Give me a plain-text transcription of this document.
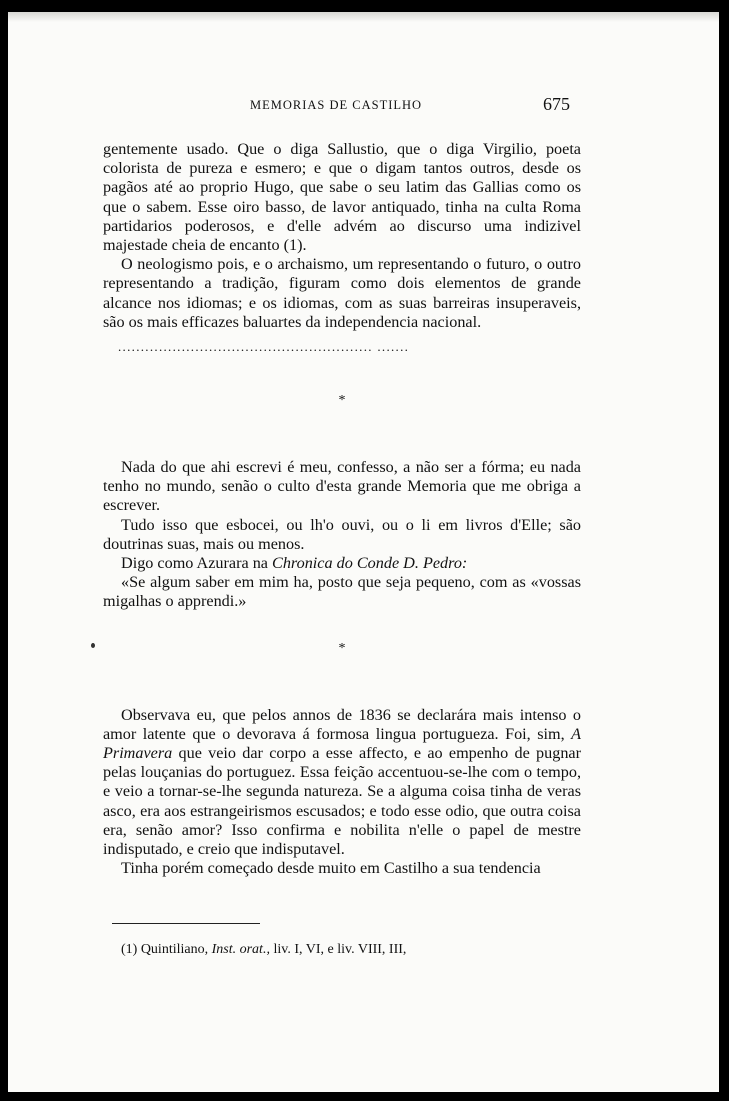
MEMORIAS DE CASTILHO	675

gentemente usado. Que o diga Sallustio, que o diga Virgilio, poeta colorista de pureza e esmero; e que o digam tantos outros, desde os pagãos até ao proprio Hugo, que sabe o seu latim das Gallias como os que o sabem. Esse oiro basso, de lavor antiquado, tinha na culta Roma partidarios poderosos, e d'elle advém ao discurso uma indizivel majestade cheia de encanto (1).

O neologismo pois, e o archaismo, um representando o futuro, o outro representando a tradição, figuram como dois elementos de grande alcance nos idiomas; e os idiomas, com as suas barreiras insuperaveis, são os mais efficazes baluartes da independencia nacional.

........................................................ .......
*

Nada do que ahi escrevi é meu, confesso, a não ser a fórma; eu nada tenho no mundo, senão o culto d'esta grande Memoria que me obriga a escrever.

Tudo isso que esbocei, ou lh'o ouvi, ou o li em livros d'Elle; são doutrinas suas, mais ou menos.

Digo como Azurara na Chronica do Conde D. Pedro:

«Se algum saber em mim ha, posto que seja pequeno, com as «vossas migalhas o apprendi.»

*

Observava eu, que pelos annos de 1836 se declarára mais intenso o amor latente que o devorava á formosa lingua portugueza. Foi, sim, A Primavera que veio dar corpo a esse affecto, e ao empenho de pugnar pelas louçanias do portuguez. Essa feição accentuou-se-lhe com o tempo, e veio a tornar-se-lhe segunda natureza. Se a alguma coisa tinha de veras asco, era aos estrangeirismos escusados; e todo esse odio, que outra coisa era, senão amor? Isso confirma e nobilita n'elle o papel de mestre indisputado, e creio que indisputavel.

Tinha porém começado desde muito em Castilho a sua tendencia

(1) Quintiliano, Inst. orat., liv. I, VI, e liv. VIII, III,
